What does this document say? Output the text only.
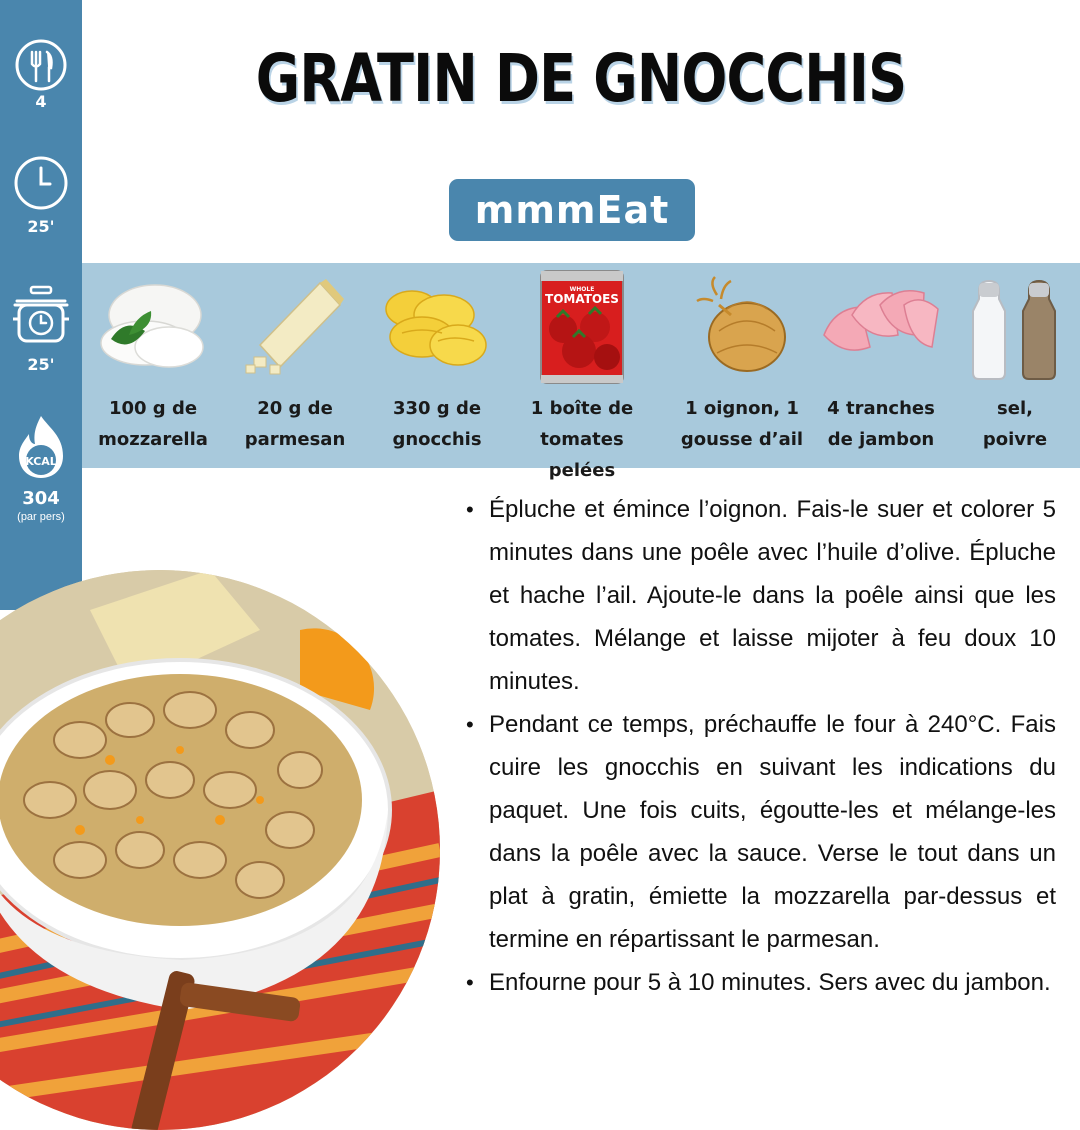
4
25'
25'
KCAL
304
(par pers)
GRATIN DE GNOCCHIS
mmmEat
100 g de
mozzarella
20 g de
parmesan
330 g de
gnocchis
WHOLE
TOMATOES
1 boîte de
tomates pelées
1 oignon, 1
gousse d’ail
4 tranches
de jambon
sel,
poivre
• Épluche et émince l’oignon. Fais-le suer et colorer 5 minutes dans une poêle avec l’huile d’olive. Épluche et hache l’ail. Ajoute-le dans la poêle ainsi que les tomates. Mélange et laisse mijoter à feu doux 10 minutes.
• Pendant ce temps, préchauffe le four à 240°C. Fais cuire les gnocchis en suivant les indications du paquet. Une fois cuits, égoutte-les et mélange-les dans la poêle avec la sauce. Verse le tout dans un plat à gratin, émiette la mozzarella par-dessus et termine en répartissant le parmesan.
• Enfourne pour 5 à 10 minutes. Sers avec du jambon.
